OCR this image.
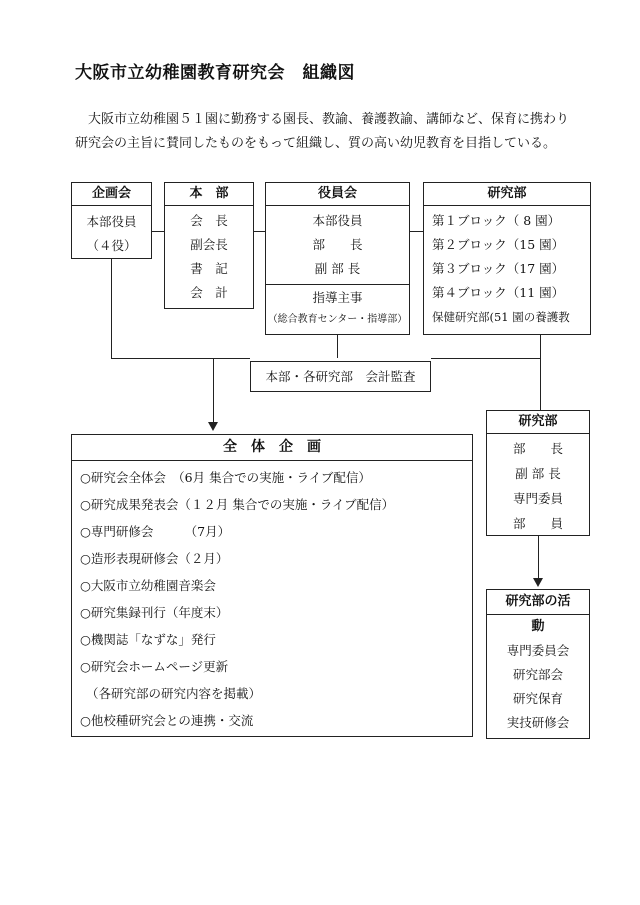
大阪市立幼稚園教育研究会　組織図

大阪市立幼稚園５１園に勤務する園長、教諭、養護教諭、講師など、保育に携わり

研究会の主旨に賛同したものをもって組織し、質の高い幼児教育を目指している。

企画会
本部役員
（４役）
本　部
会　長
副会長
書　記
会　計
役員会
本部役員
部　　長
副 部 長
指導主事
（総合教育センター・指導部）
研究部
第１ブロック（ 8 園）
第２ブロック（15 園）
第３ブロック（17 園）
第４ブロック（11 園）
保健研究部(51 園の養護教
本部・各研究部　会計監査
全　体　企　画
○研究会全体会　（6月 集合での実施・ライブ配信）
○研究成果発表会（１２月 集合での実施・ライブ配信）
○専門研修会　　　（7月）
○造形表現研修会（２月）
○大阪市立幼稚園音楽会
○研究集録刊行（年度末）
○機関誌「なずな」発行
○研究会ホームページ更新
（各研究部の研究内容を掲載）
○他校種研究会との連携・交流
研究部
部　　長
副 部 長
専門委員
部　　員
研究部の活
動
専門委員会
研究部会
研究保育
実技研修会
